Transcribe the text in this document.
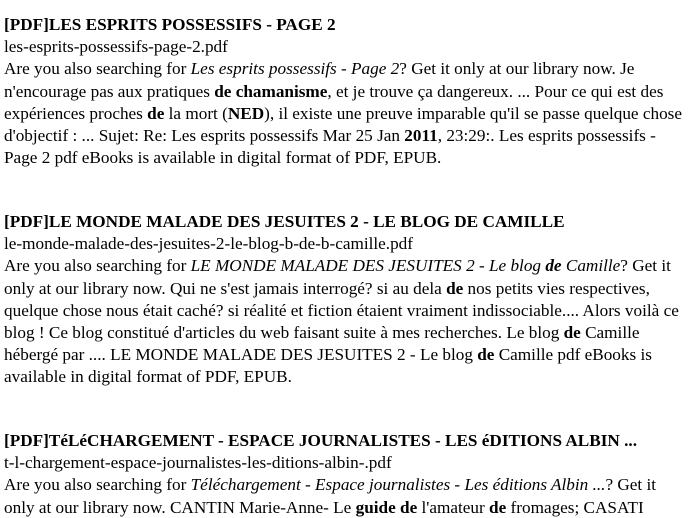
[PDF]LES ESPRITS POSSESSIFS - PAGE 2
les-esprits-possessifs-page-2.pdf
Are you also searching for Les esprits possessifs - Page 2? Get it only at our library now. Je n'encourage pas aux pratiques de chamanisme, et je trouve ça dangereux. ... Pour ce qui est des expériences proches de la mort (NED), il existe une preuve imparable qu'il se passe quelque chose d'objectif : ... Sujet: Re: Les esprits possessifs Mar 25 Jan 2011, 23:29:. Les esprits possessifs - Page 2 pdf eBooks is available in digital format of PDF, EPUB.
[PDF]LE MONDE MALADE DES JESUITES 2 - LE BLOG DE CAMILLE
le-monde-malade-des-jesuites-2-le-blog-b-de-b-camille.pdf
Are you also searching for LE MONDE MALADE DES JESUITES 2 - Le blog de Camille? Get it only at our library now. Qui ne s'est jamais interrogé? si au dela de nos petits vies respectives, quelque chose nous était caché? si réalité et fiction étaient vraiment indissociable.... Alors voilà ce blog ! Ce blog constitué d'articles du web faisant suite à mes recherches. Le blog de Camille hébergé par .... LE MONDE MALADE DES JESUITES 2 - Le blog de Camille pdf eBooks is available in digital format of PDF, EPUB.
[PDF]TéLéCHARGEMENT - ESPACE JOURNALISTES - LES éDITIONS ALBIN ...
t-l-chargement-espace-journalistes-les-ditions-albin-.pdf
Are you also searching for Téléchargement - Espace journalistes - Les éditions Albin ...? Get it only at our library now. CANTIN Marie-Anne- Le guide de l'amateur de fromages; CASATI
